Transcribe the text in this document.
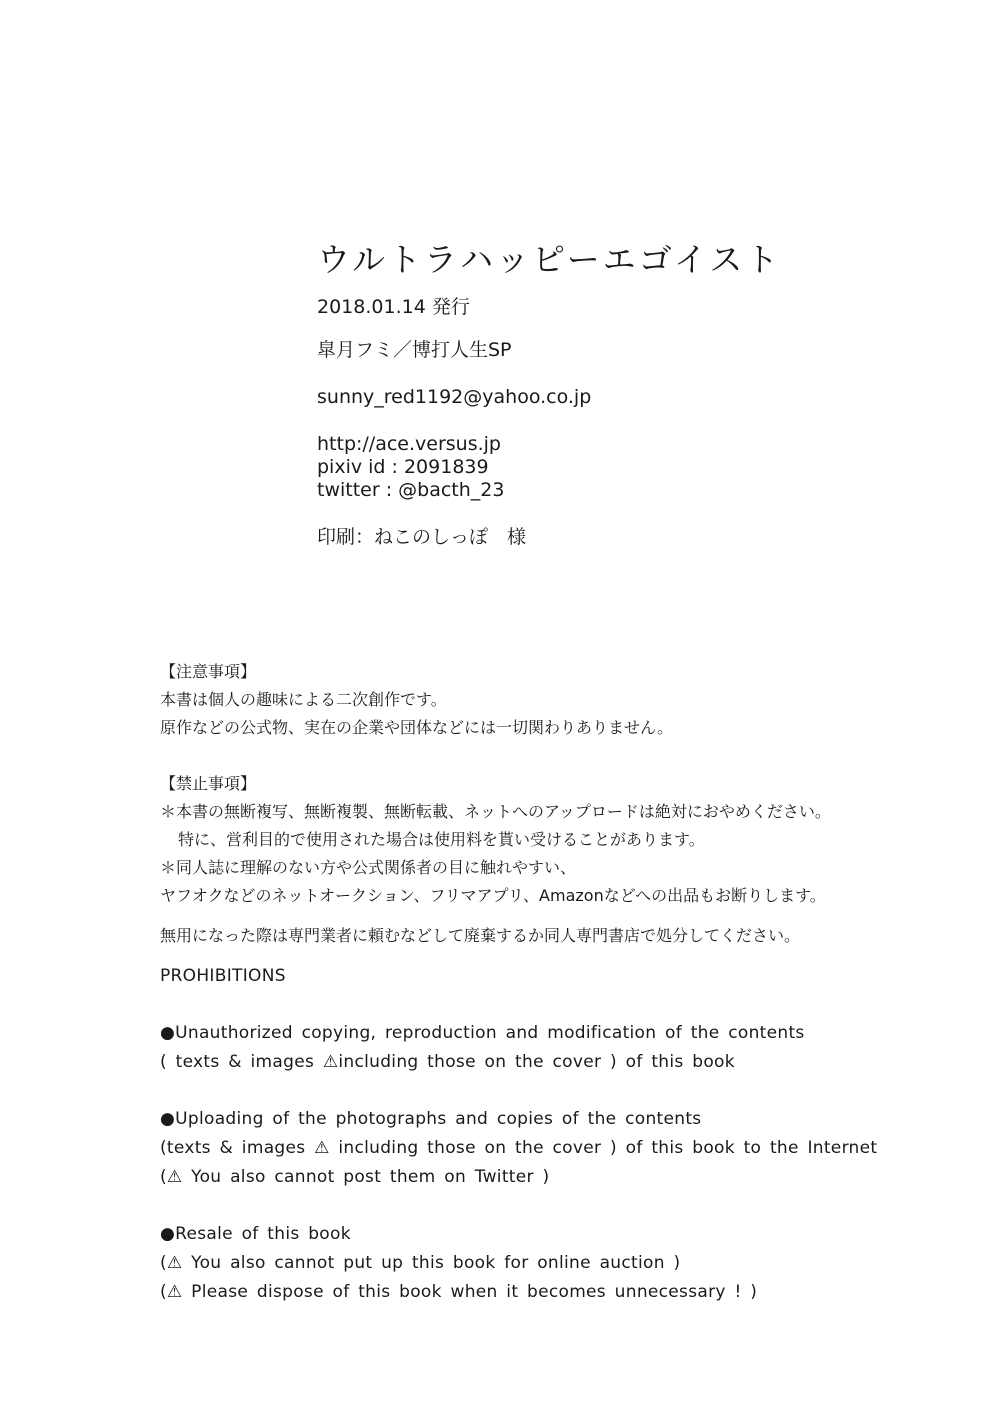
ウルトラハッピーエゴイスト
2018.01.14 発行
皐月フミ／博打人生SP
sunny_red1192@yahoo.co.jp
http://ace.versus.jp
pixiv id : 2091839
twitter : @bacth_23
印刷：ねこのしっぽ　様
【注意事項】
本書は個人の趣味による二次創作です。
原作などの公式物、実在の企業や団体などには一切関わりありません。
【禁止事項】
＊本書の無断複写、無断複製、無断転載、ネットへのアップロードは絶対におやめください。
特に、営利目的で使用された場合は使用料を貰い受けることがあります。
＊同人誌に理解のない方や公式関係者の目に触れやすい、
ヤフオクなどのネットオークション、フリマアプリ、Amazonなどへの出品もお断りします。
無用になった際は専門業者に頼むなどして廃棄するか同人専門書店で処分してください。
PROHIBITIONS
●Unauthorized copying, reproduction and modification of the contents
( texts & images ⚠including those on the cover ) of this book
●Uploading of the photographs and copies of the contents
(texts & images ⚠ including those on the cover ) of this book to the Internet
(⚠ You also cannot post them on Twitter )
●Resale of this book
(⚠ You also cannot put up this book for online auction )
(⚠ Please dispose of this book when it becomes unnecessary ! )
